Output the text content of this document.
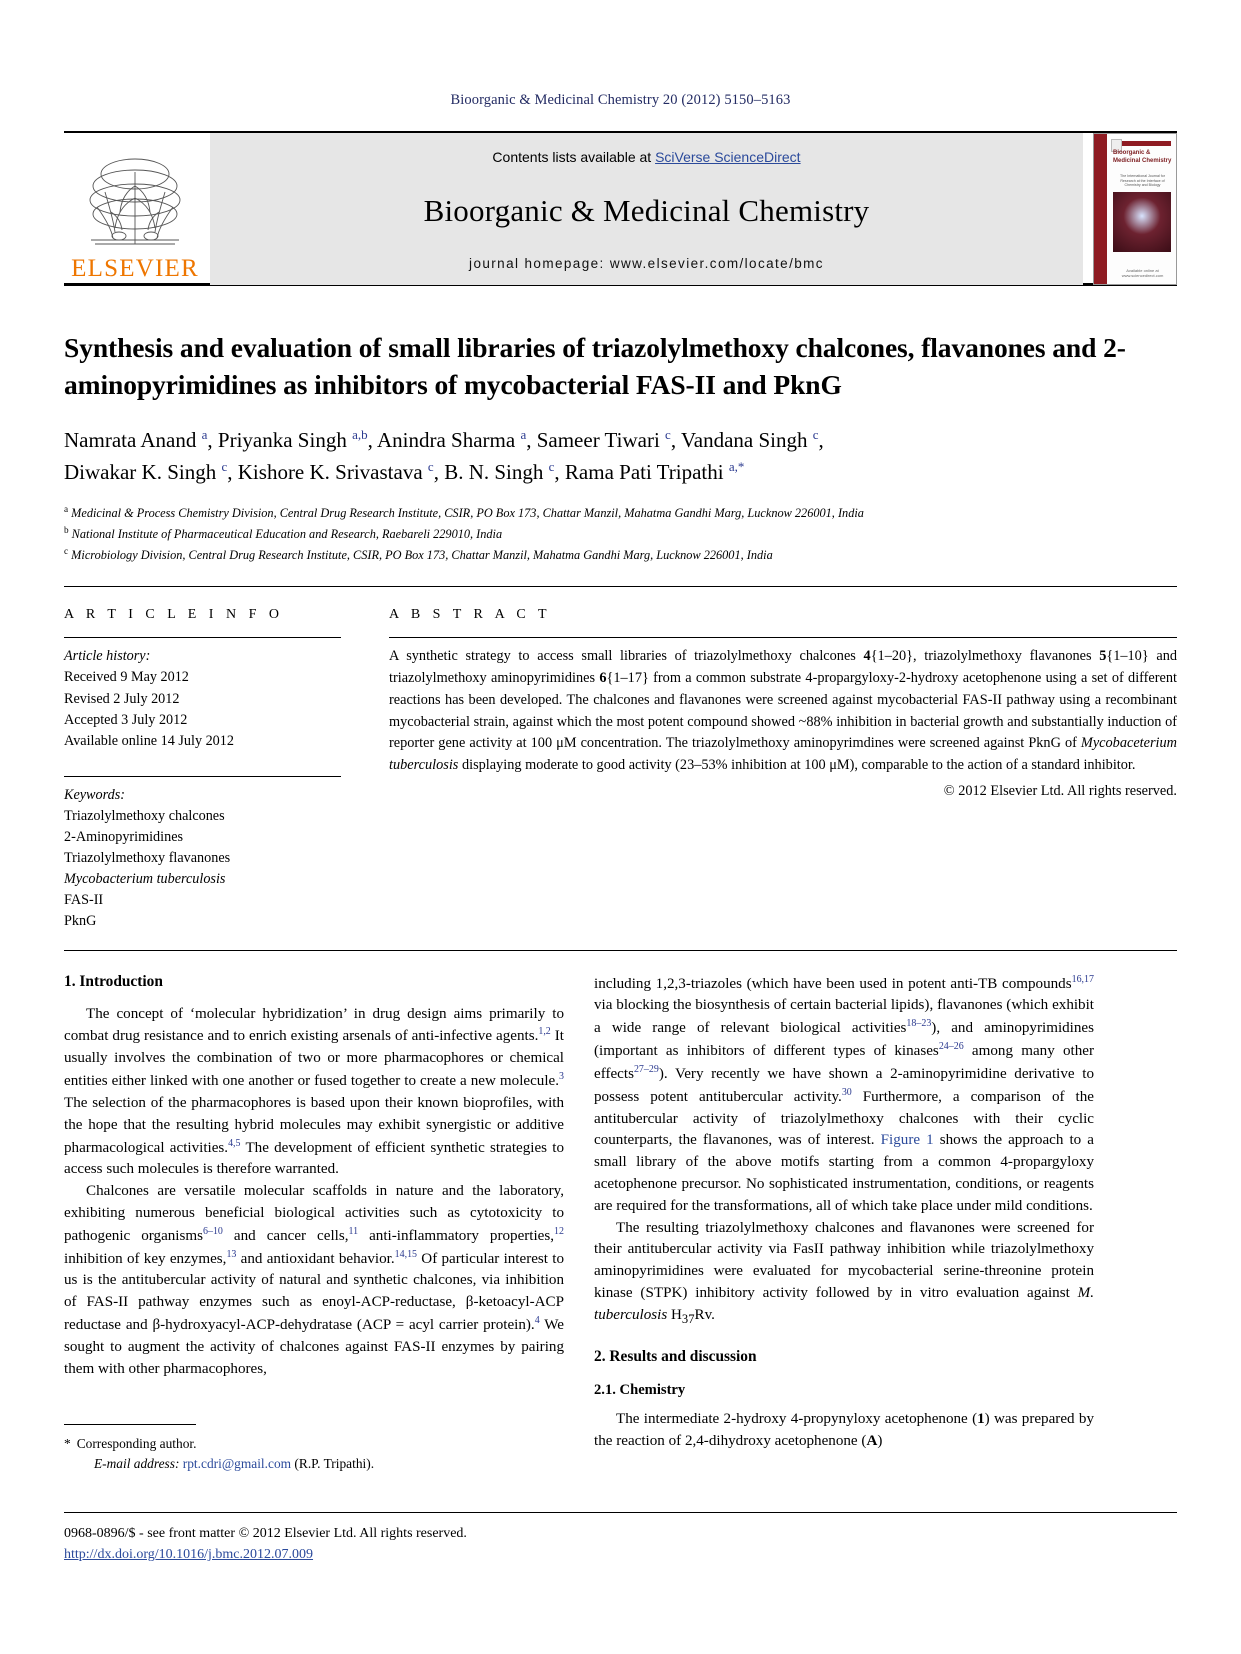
Bioorganic & Medicinal Chemistry 20 (2012) 5150–5163
ELSEVIER
Contents lists available at SciVerse ScienceDirect
Bioorganic & Medicinal Chemistry
journal homepage: www.elsevier.com/locate/bmc
Bioorganic & Medicinal Chemistry
The International Journal for Research at the Interface of Chemistry and Biology
Available online at www.sciencedirect.com
Synthesis and evaluation of small libraries of triazolylmethoxy chalcones, flavanones and 2-aminopyrimidines as inhibitors of mycobacterial FAS-II and PknG
Namrata Anand $^a$, Priyanka Singh $^{a,b}$, Anindra Sharma $^a$, Sameer Tiwari $^c$, Vandana Singh $^c$,
Diwakar K. Singh $^c$, Kishore K. Srivastava $^c$, B. N. Singh $^c$, Rama Pati Tripathi $^{a,*}$
$^a$ Medicinal & Process Chemistry Division, Central Drug Research Institute, CSIR, PO Box 173, Chattar Manzil, Mahatma Gandhi Marg, Lucknow 226001, India
$^b$ National Institute of Pharmaceutical Education and Research, Raebareli 229010, India
$^c$ Microbiology Division, Central Drug Research Institute, CSIR, PO Box 173, Chattar Manzil, Mahatma Gandhi Marg, Lucknow 226001, India
A R T I C L E I N F O
Article history:
Received 9 May 2012
Revised 2 July 2012
Accepted 3 July 2012
Available online 14 July 2012
Keywords:
Triazolylmethoxy chalcones
2-Aminopyrimidines
Triazolylmethoxy flavanones
Mycobacterium tuberculosis
FAS-II
PknG
A B S T R A C T

A synthetic strategy to access small libraries of triazolylmethoxy chalcones 4{1–20}, triazolylmethoxy flavanones 5{1–10} and triazolylmethoxy aminopyrimidines 6{1–17} from a common substrate 4-propargyloxy-2-hydroxy acetophenone using a set of different reactions has been developed. The chalcones and flavanones were screened against mycobacterial FAS-II pathway using a recombinant mycobacterial strain, against which the most potent compound showed ~88% inhibition in bacterial growth and substantially induction of reporter gene activity at 100 μM concentration. The triazolylmethoxy aminopyrimdines were screened against PknG of Mycobaceterium tuberculosis displaying moderate to good activity (23–53% inhibition at 100 μM), comparable to the action of a standard inhibitor.

© 2012 Elsevier Ltd. All rights reserved.
1. Introduction

The concept of ‘molecular hybridization’ in drug design aims primarily to combat drug resistance and to enrich existing arsenals of anti-infective agents.$^{1,2}$ It usually involves the combination of two or more pharmacophores or chemical entities either linked with one another or fused together to create a new molecule.$^3$ The selection of the pharmacophores is based upon their known bioprofiles, with the hope that the resulting hybrid molecules may exhibit synergistic or additive pharmacological activities.$^{4,5}$ The development of efficient synthetic strategies to access such molecules is therefore warranted.

Chalcones are versatile molecular scaffolds in nature and the laboratory, exhibiting numerous beneficial biological activities such as cytotoxicity to pathogenic organisms$^{6-10}$ and cancer cells,$^{11}$ anti-inflammatory properties,$^{12}$ inhibition of key enzymes,$^{13}$ and antioxidant behavior.$^{14,15}$ Of particular interest to us is the antitubercular activity of natural and synthetic chalcones, via inhibition of FAS-II pathway enzymes such as enoyl-ACP-reductase, β-ketoacyl-ACP reductase and β-hydroxyacyl-ACP-dehydratase (ACP = acyl carrier protein).$^4$ We sought to augment the activity of chalcones against FAS-II enzymes by pairing them with other pharmacophores,

including 1,2,3-triazoles (which have been used in potent anti-TB compounds$^{16,17}$ via blocking the biosynthesis of certain bacterial lipids), flavanones (which exhibit a wide range of relevant biological activities$^{18-23}$), and aminopyrimidines (important as inhibitors of different types of kinases$^{24-26}$ among many other effects$^{27-29}$). Very recently we have shown a 2-aminopyrimidine derivative to possess potent antitubercular activity.$^{30}$ Furthermore, a comparison of the antitubercular activity of triazolylmethoxy chalcones with their cyclic counterparts, the flavanones, was of interest. Figure 1 shows the approach to a small library of the above motifs starting from a common 4-propargyloxy acetophenone precursor. No sophisticated instrumentation, conditions, or reagents are required for the transformations, all of which take place under mild conditions.

The resulting triazolylmethoxy chalcones and flavanones were screened for their antitubercular activity via FasII pathway inhibition while triazolylmethoxy aminopyrimidines were evaluated for mycobacterial serine-threonine protein kinase (STPK) inhibitory activity followed by in vitro evaluation against M. tuberculosis $H_{37}Rv$.

2. Results and discussion
2.1. Chemistry

The intermediate 2-hydroxy 4-propynyloxy acetophenone (1) was prepared by the reaction of 2,4-dihydroxy acetophenone (A)

* Corresponding author.
E-mail address: rpt.cdri@gmail.com (R.P. Tripathi).
0968-0896/$ - see front matter © 2012 Elsevier Ltd. All rights reserved.
http://dx.doi.org/10.1016/j.bmc.2012.07.009
